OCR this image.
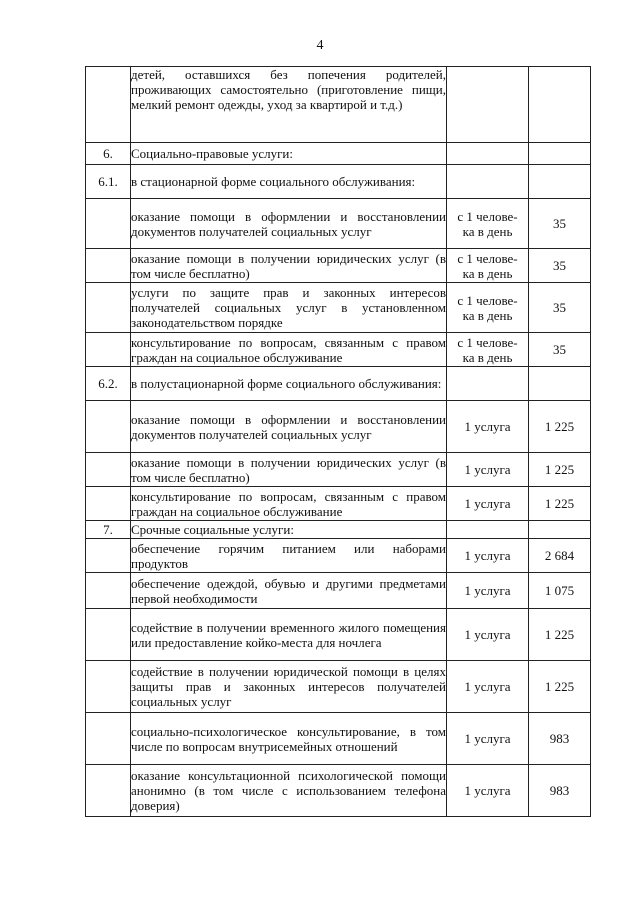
4
	детей, оставшихся без попечения родителей, проживающих самостоятельно (приготовление пищи, мелкий ремонт одежды, уход за квартирой и т.д.)	

6.	Социально-правовые услуги:	

6.1.	в стационарной форме социального обслуживания:	

	оказание помощи в оформлении и восстановлении документов получателей социальных услуг	с 1 челове-
ка в день	35
	оказание помощи в получении юридических услуг (в том числе бесплатно)	с 1 челове-
ка в день	35
	услуги по защите прав и законных интересов получателей социальных услуг в установленном законодательством порядке	с 1 челове-
ка в день	35
	консультирование по вопросам, связанным с правом граждан на социальное обслуживание	с 1 челове-
ка в день	35
6.2.	в полустационарной форме социального обслуживания:	

	оказание помощи в оформлении и восстановлении документов получателей социальных услуг	1 услуга	1 225
	оказание помощи в получении юридических услуг (в том числе бесплатно)	1 услуга	1 225
	консультирование по вопросам, связанным с правом граждан на социальное обслуживание	1 услуга	1 225
7.	Срочные социальные услуги:	

	обеспечение горячим питанием или наборами продуктов	1 услуга	2 684
	обеспечение одеждой, обувью и другими предметами первой необходимости	1 услуга	1 075
	содействие в получении временного жилого помещения или предоставление койко-места для ночлега	1 услуга	1 225
	содействие в получении юридической помощи в целях защиты прав и законных интересов получателей социальных услуг	1 услуга	1 225
	социально-психологическое консультирование, в том числе по вопросам внутрисемейных отношений	1 услуга	983
	оказание консультационной психологической помощи анонимно (в том числе с использованием телефона доверия)	1 услуга	983
